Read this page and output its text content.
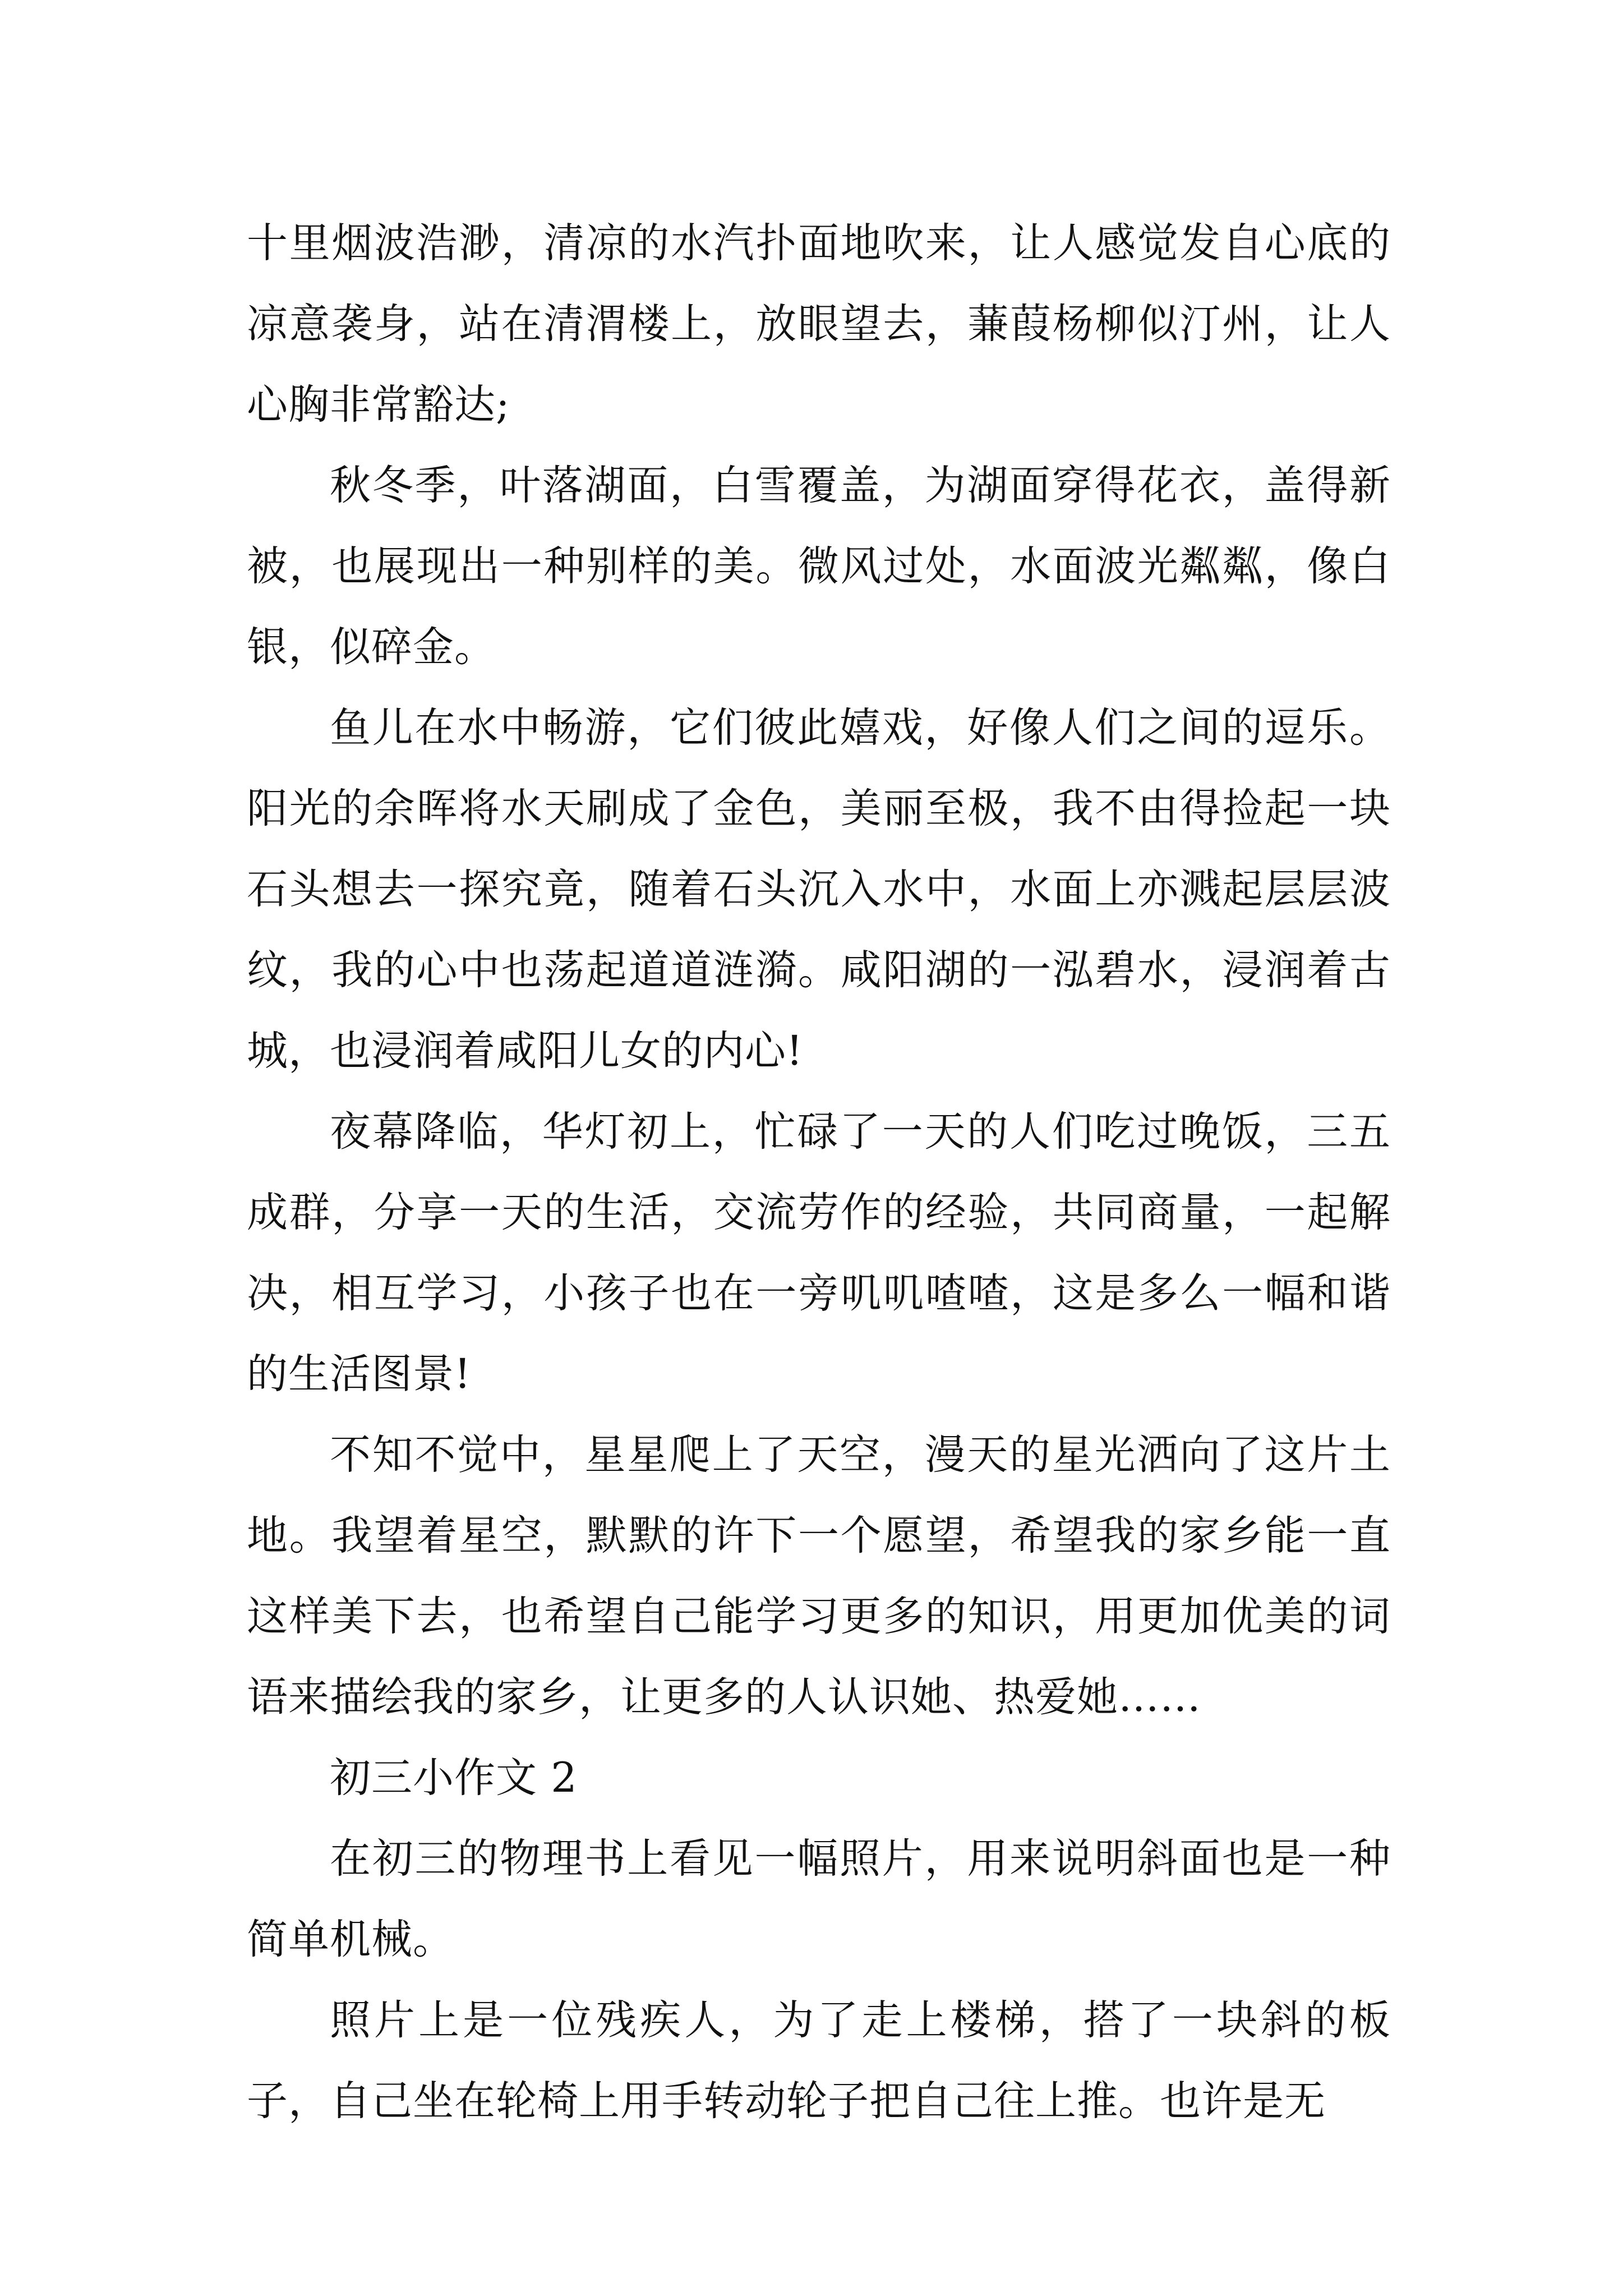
十里烟波浩渺，清凉的水汽扑面地吹来，让人感觉发自心底的凉意袭身，站在清渭楼上，放眼望去，蒹葭杨柳似汀州，让人心胸非常豁达;

秋冬季，叶落湖面，白雪覆盖，为湖面穿得花衣，盖得新被，也展现出一种别样的美。微风过处，水面波光粼粼，像白银，似碎金。

鱼儿在水中畅游，它们彼此嬉戏，好像人们之间的逗乐。阳光的余晖将水天刷成了金色，美丽至极，我不由得捡起一块石头想去一探究竟，随着石头沉入水中，水面上亦溅起层层波纹，我的心中也荡起道道涟漪。咸阳湖的一泓碧水，浸润着古城，也浸润着咸阳儿女的内心!

夜幕降临，华灯初上，忙碌了一天的人们吃过晚饭，三五成群，分享一天的生活，交流劳作的经验，共同商量，一起解决，相互学习，小孩子也在一旁叽叽喳喳，这是多么一幅和谐的生活图景!

不知不觉中，星星爬上了天空，漫天的星光洒向了这片土地。我望着星空，默默的许下一个愿望，希望我的家乡能一直这样美下去，也希望自己能学习更多的知识，用更加优美的词语来描绘我的家乡，让更多的人认识她、热爱她……

初三小作文 2

在初三的物理书上看见一幅照片，用来说明斜面也是一种简单机械。

照片上是一位残疾人，为了走上楼梯，搭了一块斜的板子，自己坐在轮椅上用手转动轮子把自己往上推。也许是无
